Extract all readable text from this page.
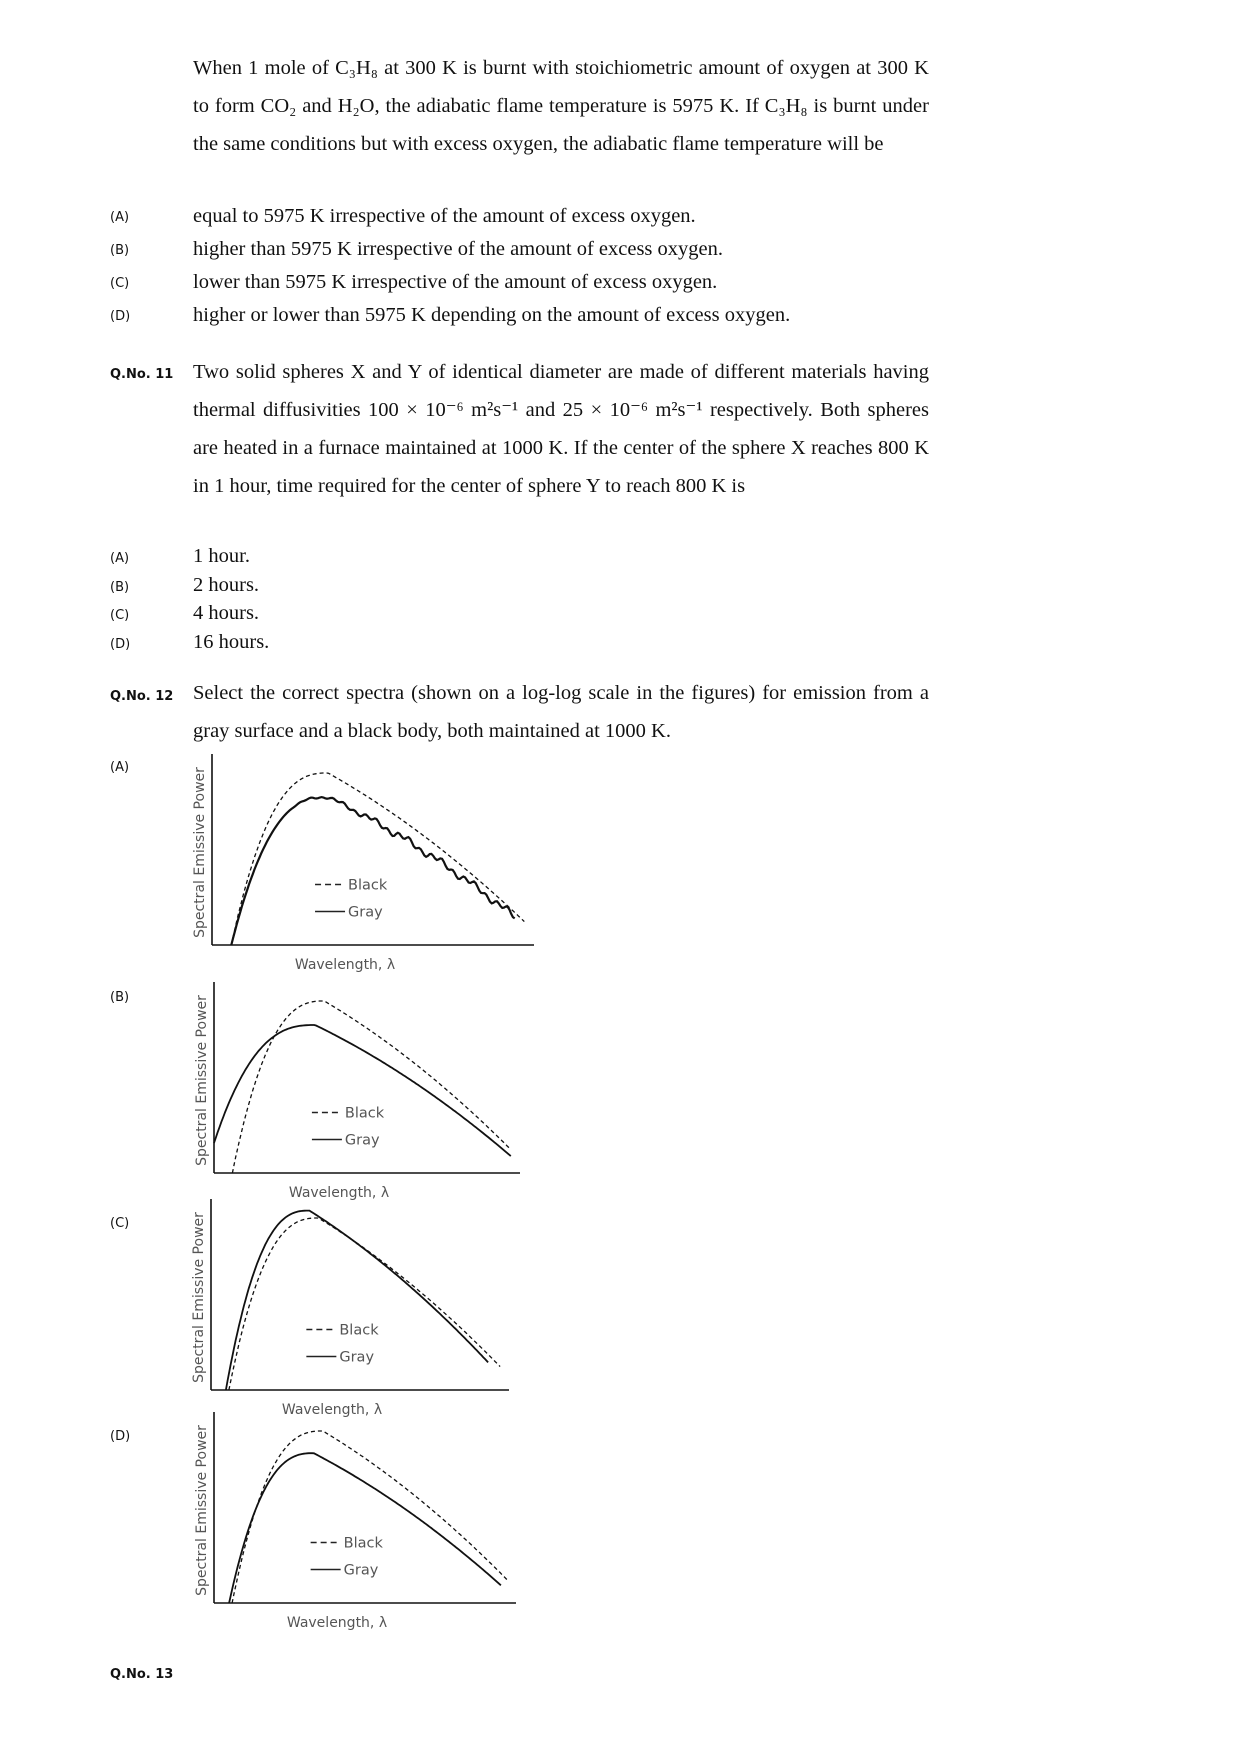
When 1 mole of C₃H₈ at 300 K is burnt with stoichiometric amount of oxygen at 300 K to form CO₂ and H₂O, the adiabatic flame temperature is 5975 K. If C₃H₈ is burnt under the same conditions but with excess oxygen, the adiabatic flame temperature will be

(A)	equal to 5975 K irrespective of the amount of excess oxygen.
(B)	higher than 5975 K irrespective of the amount of excess oxygen.
(C)	lower than 5975 K irrespective of the amount of excess oxygen.
(D)	higher or lower than 5975 K depending on the amount of excess oxygen.
Q.No. 11 Two solid spheres X and Y of identical diameter are made of different materials having thermal diffusivities 100 × 10⁻⁶ m²s⁻¹ and 25 × 10⁻⁶ m²s⁻¹ respectively. Both spheres are heated in a furnace maintained at 1000 K. If the center of the sphere X reaches 800 K in 1 hour, time required for the center of sphere Y to reach 800 K is

(A)	1 hour.
(B)	2 hours.
(C)	4 hours.
(D)	16 hours.
Q.No. 12 Select the correct spectra (shown on a log-log scale in the figures) for emission from a gray surface and a black body, both maintained at 1000 K.

(A)
(B)
(C)
(D)
Spectral Emissive Power
Wavelength, λ
Black
Gray
Spectral Emissive Power
Wavelength, λ
Black
Gray
Spectral Emissive Power
Wavelength, λ
Black
Gray
Spectral Emissive Power
Wavelength, λ
Black
Gray
Q.No. 13
